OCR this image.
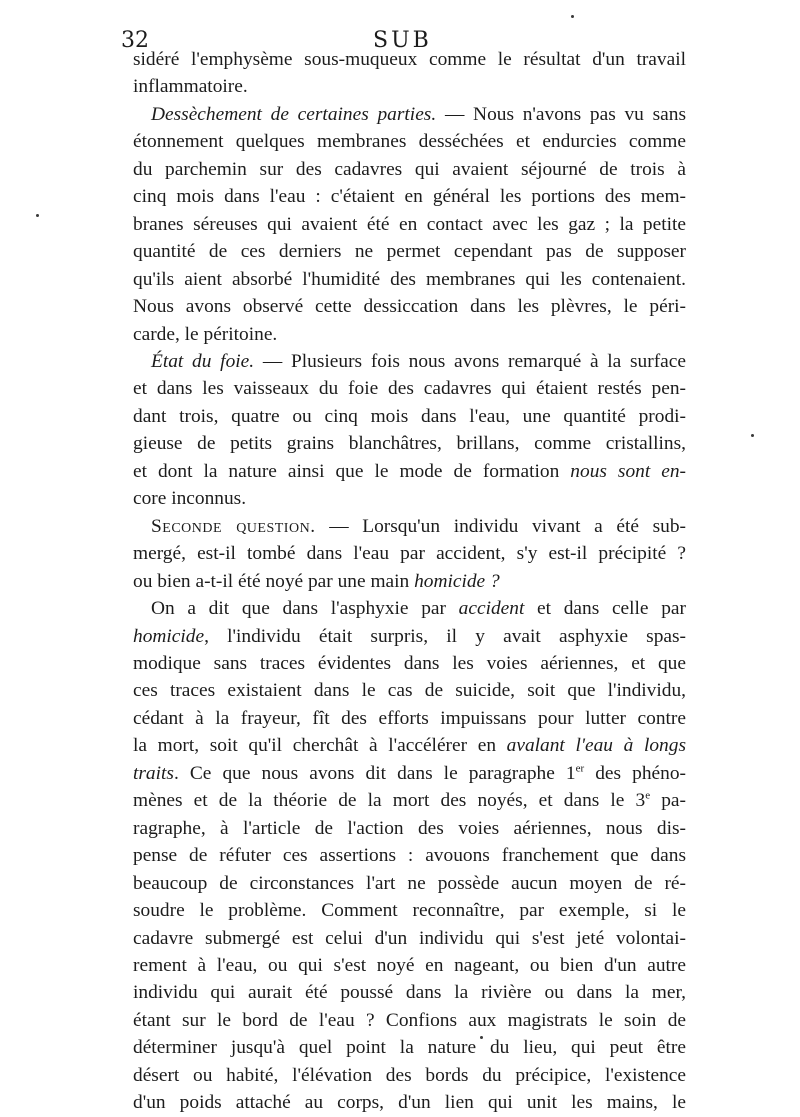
32	SUB
sidéré l'emphysème sous-muqueux comme le résultat d'un travail
inflammatoire.
Dessèchement de certaines parties. — Nous n'avons pas vu sans
étonnement quelques membranes desséchées et endurcies comme
du parchemin sur des cadavres qui avaient séjourné de trois à
cinq mois dans l'eau : c'étaient en général les portions des mem-
branes séreuses qui avaient été en contact avec les gaz ; la petite
quantité de ces derniers ne permet cependant pas de supposer
qu'ils aient absorbé l'humidité des membranes qui les contenaient.
Nous avons observé cette dessiccation dans les plèvres, le péri-
carde, le péritoine.
État du foie. — Plusieurs fois nous avons remarqué à la surface
et dans les vaisseaux du foie des cadavres qui étaient restés pen-
dant trois, quatre ou cinq mois dans l'eau, une quantité prodi-
gieuse de petits grains blanchâtres, brillans, comme cristallins,
et dont la nature ainsi que le mode de formation nous sont en-
core inconnus.
Seconde question. — Lorsqu'un individu vivant a été sub-
mergé, est-il tombé dans l'eau par accident, s'y est-il précipité ?
ou bien a-t-il été noyé par une main homicide ?
On a dit que dans l'asphyxie par accident et dans celle par
homicide, l'individu était surpris, il y avait asphyxie spas-
modique sans traces évidentes dans les voies aériennes, et que
ces traces existaient dans le cas de suicide, soit que l'individu,
cédant à la frayeur, fît des efforts impuissans pour lutter contre
la mort, soit qu'il cherchât à l'accélérer en avalant l'eau à longs
traits. Ce que nous avons dit dans le paragraphe 1er des phéno-
mènes et de la théorie de la mort des noyés, et dans le 3e pa-
ragraphe, à l'article de l'action des voies aériennes, nous dis-
pense de réfuter ces assertions : avouons franchement que dans
beaucoup de circonstances l'art ne possède aucun moyen de ré-
soudre le problème. Comment reconnaître, par exemple, si le
cadavre submergé est celui d'un individu qui s'est jeté volontai-
rement à l'eau, ou qui s'est noyé en nageant, ou bien d'un autre
individu qui aurait été poussé dans la rivière ou dans la mer,
étant sur le bord de l'eau ? Confions aux magistrats le soin de
déterminer jusqu'à quel point la nature du lieu, qui peut être
désert ou habité, l'élévation des bords du précipice, l'existence
d'un poids attaché au corps, d'un lien qui unit les mains, le
